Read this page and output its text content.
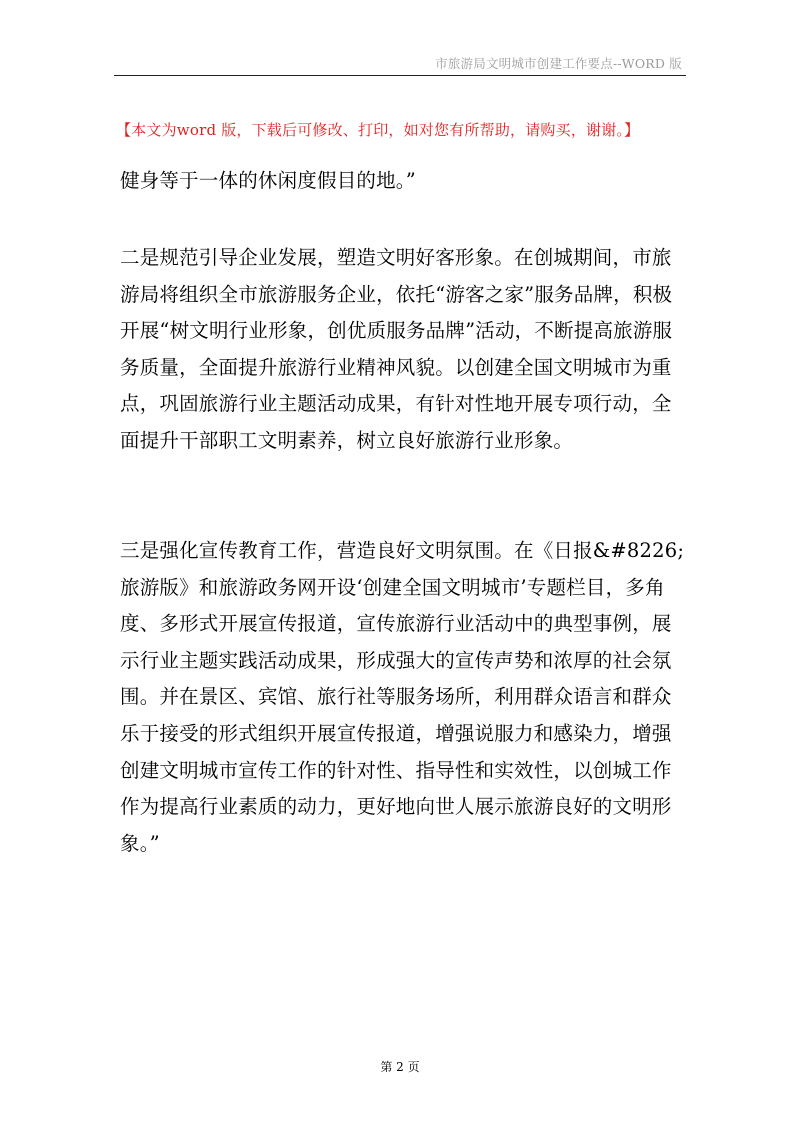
市旅游局文明城市创建工作要点--WORD 版
【本文为word 版，下载后可修改、打印，如对您有所帮助，请购买，谢谢。】

健身等于一体的休闲度假目的地。”

二是规范引导企业发展，塑造文明好客形象。在创城期间，市旅游局将组织全市旅游服务企业，依托“游客之家”服务品牌，积极开展“树文明行业形象，创优质服务品牌”活动，不断提高旅游服务质量，全面提升旅游行业精神风貌。以创建全国文明城市为重点，巩固旅游行业主题活动成果，有针对性地开展专项行动，全面提升干部职工文明素养，树立良好旅游行业形象。

三是强化宣传教育工作，营造良好文明氛围。在《日报&#8226;旅游版》和旅游政务网开设‘创建全国文明城市’专题栏目，多角度、多形式开展宣传报道，宣传旅游行业活动中的典型事例，展示行业主题实践活动成果，形成强大的宣传声势和浓厚的社会氛围。并在景区、宾馆、旅行社等服务场所，利用群众语言和群众乐于接受的形式组织开展宣传报道，增强说服力和感染力，增强创建文明城市宣传工作的针对性、指导性和实效性，以创城工作作为提高行业素质的动力，更好地向世人展示旅游良好的文明形象。”

第 2 页
